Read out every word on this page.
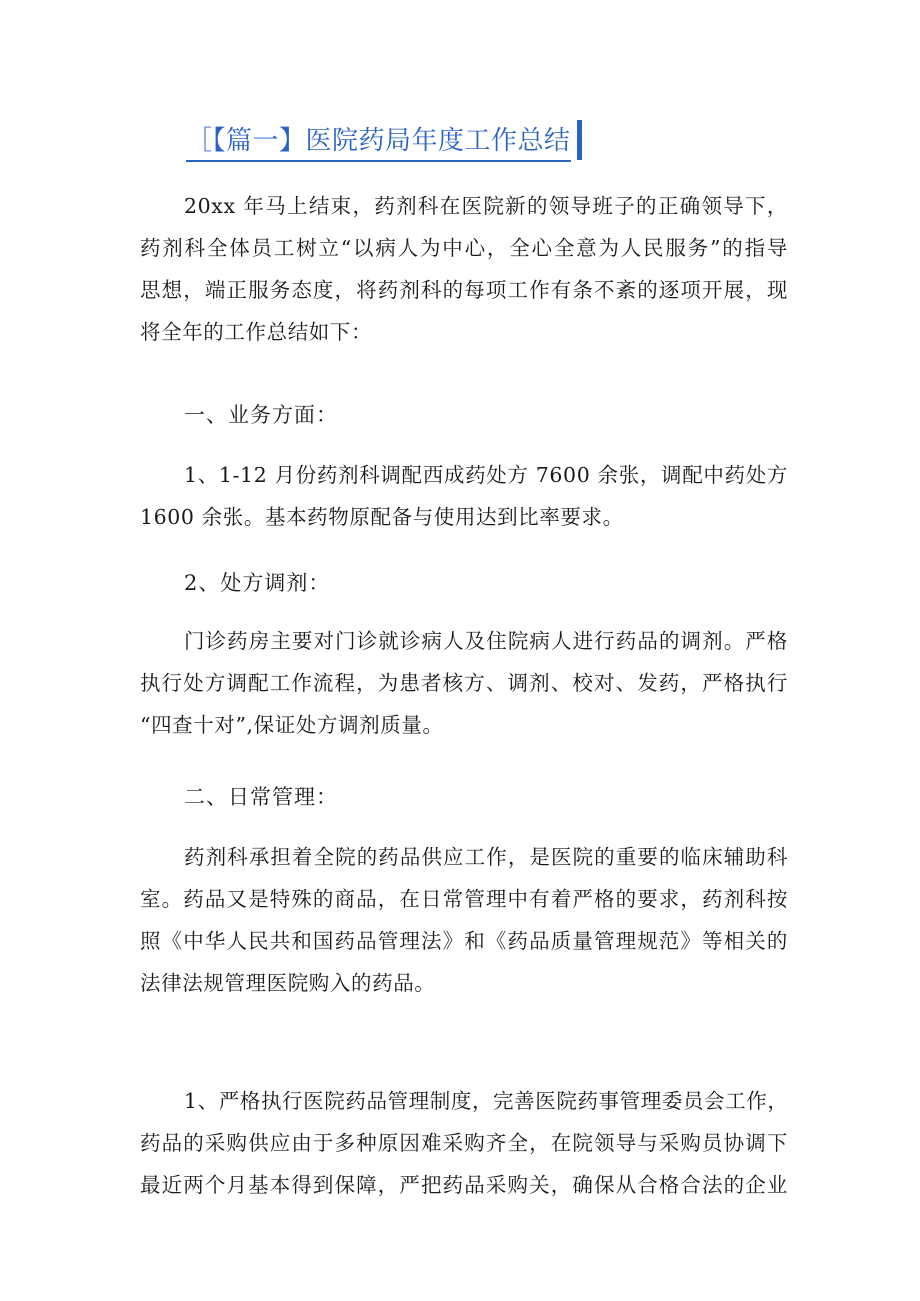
［【篇一】医院药局年度工作总结
20xx 年马上结束，药剂科在医院新的领导班子的正确领导下，
药剂科全体员工树立“以病人为中心，全心全意为人民服务”的指导
思想，端正服务态度，将药剂科的每项工作有条不紊的逐项开展，现
将全年的工作总结如下：
一、业务方面：
1、1-12 月份药剂科调配西成药处方 7600 余张，调配中药处方
1600 余张。基本药物原配备与使用达到比率要求。
2、处方调剂：
门诊药房主要对门诊就诊病人及住院病人进行药品的调剂。严格
执行处方调配工作流程，为患者核方、调剂、校对、发药，严格执行
“四查十对”,保证处方调剂质量。
二、日常管理：
药剂科承担着全院的药品供应工作，是医院的重要的临床辅助科
室。药品又是特殊的商品，在日常管理中有着严格的要求，药剂科按
照《中华人民共和国药品管理法》和《药品质量管理规范》等相关的
法律法规管理医院购入的药品。
1、严格执行医院药品管理制度，完善医院药事管理委员会工作，
药品的采购供应由于多种原因难采购齐全，在院领导与采购员协调下
最近两个月基本得到保障，严把药品采购关，确保从合格合法的企业
